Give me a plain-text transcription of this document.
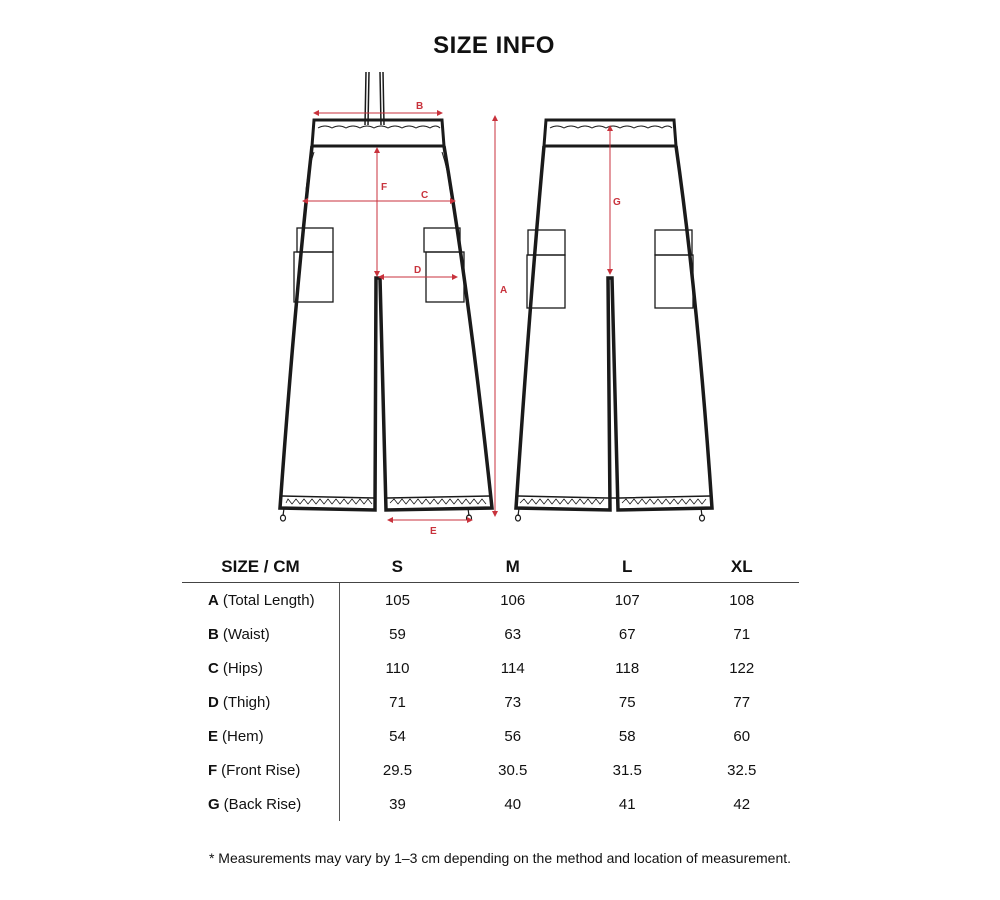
SIZE INFO
B
C
F
D
E
A
G
SIZE / CM	S	M	L	XL
A (Total Length)	105	106	107	108
B (Waist)	59	63	67	71
C (Hips)	110	114	118	122
D (Thigh)	71	73	75	77
E (Hem)	54	56	58	60
F (Front Rise)	29.5	30.5	31.5	32.5
G (Back Rise)	39	40	41	42
* Measurements may vary by 1–3 cm depending on the method and location of measurement.
